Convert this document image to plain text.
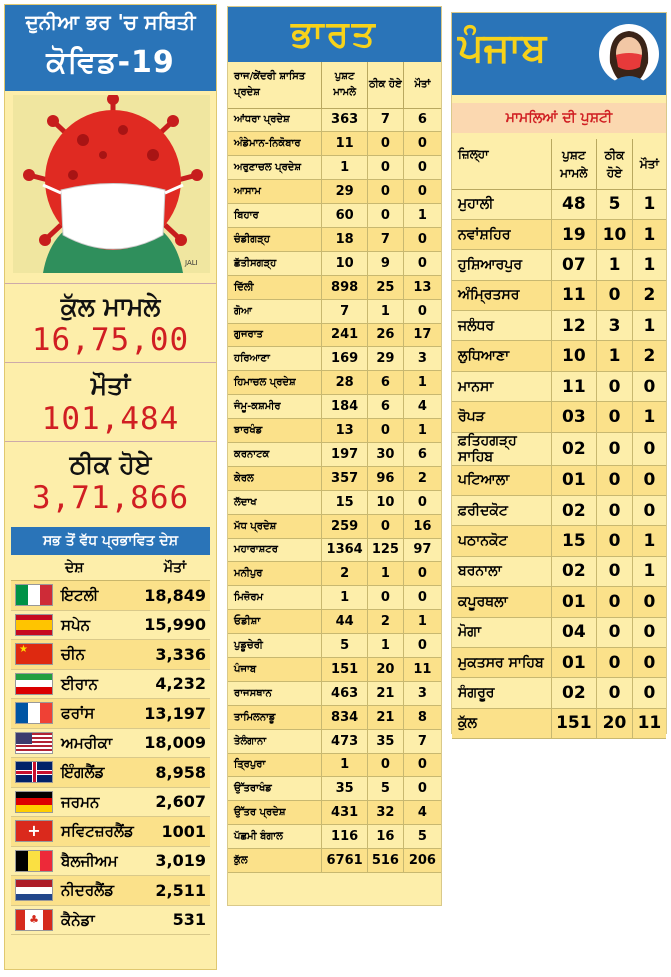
ਦੁਨੀਆ ਭਰ 'ਚ ਸਥਿਤੀ
ਕੋਵਿਡ-19
JALI
ਕੁੱਲ ਮਾਮਲੇ
16,75,00
ਮੌਤਾਂ
101,484
ਠੀਕ ਹੋਏ
3,71,866
ਸਭ ਤੋਂ ਵੱਧ ਪ੍ਰਭਾਵਿਤ ਦੇਸ਼
ਦੇਸ਼	ਮੌਤਾਂ
ਇਟਲੀ	18,849
ਸਪੇਨ	15,990
★	ਚੀਨ	3,336
ਈਰਾਨ	4,232
ਫਰਾਂਸ	13,197
ਅਮਰੀਕਾ	18,009
ਇੰਗਲੈਂਡ	8,958
ਜਰਮਨ	2,607
+	ਸਵਿਟਜ਼ਰਲੈਂਡ	1001
ਬੈਲਜੀਅਮ	3,019
ਨੀਦਰਲੈਂਡ	2,511
♣ ਕੈਨੇਡਾ	531
ਭਾਰਤ
ਰਾਜ/ਕੇਂਦਰੀ ਸ਼ਾਸਿਤ ਪ੍ਰਦੇਸ਼	ਪੁਸ਼ਟ ਮਾਮਲੇ	ਠੀਕ ਹੋਏ	ਮੌਤਾਂ
ਆਂਧਰਾ ਪ੍ਰਦੇਸ਼	363	7	6
ਅੰਡੇਮਾਨ-ਨਿਕੋਬਾਰ	11	0	0
ਅਰੁਣਾਚਲ ਪ੍ਰਦੇਸ਼	1	0	0
ਆਸਾਮ	29	0	0
ਬਿਹਾਰ	60	0	1
ਚੰਡੀਗੜ੍ਹ	18	7	0
ਛੱਤੀਸਗੜ੍ਹ	10	9	0
ਦਿੱਲੀ	898	25	13
ਗੋਆ	7	1	0
ਗੁਜਰਾਤ	241	26	17
ਹਰਿਆਣਾ	169	29	3
ਹਿਮਾਚਲ ਪ੍ਰਦੇਸ਼	28	6	1
ਜੰਮੂ-ਕਸ਼ਮੀਰ	184	6	4
ਝਾਰਖੰਡ	13	0	1
ਕਰਨਾਟਕ	197	30	6
ਕੇਰਲ	357	96	2
ਲੱਦਾਖ	15	10	0
ਮੱਧ ਪ੍ਰਦੇਸ਼	259	0	16
ਮਹਾਰਾਸ਼ਟਰ	1364	125	97
ਮਨੀਪੁਰ	2	1	0
ਮਿਜ਼ੋਰਮ	1	0	0
ਓਡੀਸ਼ਾ	44	2	1
ਪੁਡੂਚੇਰੀ	5	1	0
ਪੰਜਾਬ	151	20	11
ਰਾਜਸਥਾਨ	463	21	3
ਤਾਮਿਲਨਾਡੂ	834	21	8
ਤੇਲੰਗਾਨਾ	473	35	7
ਤ੍ਰਿਪੁਰਾ	1	0	0
ਉੱਤਰਾਖੰਡ	35	5	0
ਉੱਤਰ ਪ੍ਰਦੇਸ਼	431	32	4
ਪੱਛਮੀ ਬੰਗਾਲ	116	16	5
ਕੁੱਲ	6761	516	206
ਪੰਜਾਬ
ਮਾਮਲਿਆਂ ਦੀ ਪੁਸ਼ਟੀ
ਜ਼ਿਲ੍ਹਾ	ਪੁਸ਼ਟ ਮਾਮਲੇ	ਠੀਕ ਹੋਏ	ਮੌਤਾਂ
ਮੁਹਾਲੀ	48	5	1
ਨਵਾਂਸ਼ਹਿਰ	19	10	1
ਹੁਸ਼ਿਆਰਪੁਰ	07	1	1
ਅੰਮ੍ਰਿਤਸਰ	11	0	2
ਜਲੰਧਰ	12	3	1
ਲੁਧਿਆਣਾ	10	1	2
ਮਾਨਸਾ	11	0	0
ਰੋਪੜ	03	0	1
ਫ਼ਤਿਹਗੜ੍ਹ ਸਾਹਿਬ	02	0	0
ਪਟਿਆਲਾ	01	0	0
ਫ਼ਰੀਦਕੋਟ	02	0	0
ਪਠਾਨਕੋਟ	15	0	1
ਬਰਨਾਲਾ	02	0	1
ਕਪੂਰਥਲਾ	01	0	0
ਮੋਗਾ	04	0	0
ਮੁਕਤਸਰ ਸਾਹਿਬ	01	0	0
ਸੰਗਰੂਰ	02	0	0
ਕੁੱਲ	151	20	11
